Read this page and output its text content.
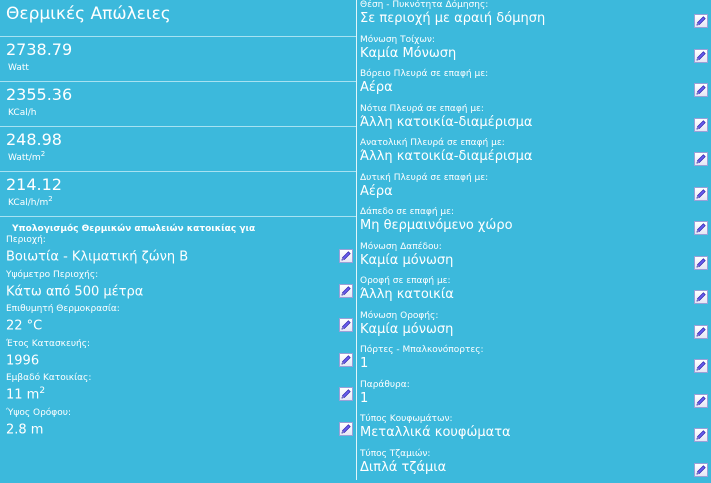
Θερμικές Απώλειες
2738.79
Watt
2355.36
KCal/h
248.98
Watt/$m^2$
214.12
KCal/$h/m^2$
Υπολογισμός Θερμικών απωλειών κατοικίας για
Περιοχή:
Βοιωτία - Κλιματική ζώνη Β
Υψόμετρο Περιοχής:
Κάτω από 500 μέτρα
Επιθυμητή Θερμοκρασία:
22 °C
Έτος Κατασκευής:
1996
Εμβαδό Κατοικίας:
11 $m^2$
Ύψος Ορόφου:
2.8 m
Θέση - Πυκνότητα Δόμησης:
Σε περιοχή με αραιή δόμηση
Μόνωση Τοίχων:
Καμία Μόνωση
Βόρειο Πλευρά σε επαφή με:
Αέρα
Νότια Πλευρά σε επαφή με:
Άλλη κατοικία-διαμέρισμα
Ανατολική Πλευρά σε επαφή με:
Άλλη κατοικία-διαμέρισμα
Δυτική Πλευρά σε επαφή με:
Αέρα
Δάπεδο σε επαφή με:
Μη θερμαινόμενο χώρο
Μόνωση Δαπέδου:
Καμία μόνωση
Οροφή σε επαφή με:
Άλλη κατοικία
Μόνωση Οροφής:
Καμία μόνωση
Πόρτες - Μπαλκονόπορτες:
1
Παράθυρα:
1
Τύπος Κουφωμάτων:
Μεταλλικά κουφώματα
Τύπος Τζαμιών:
Διπλά τζάμια
